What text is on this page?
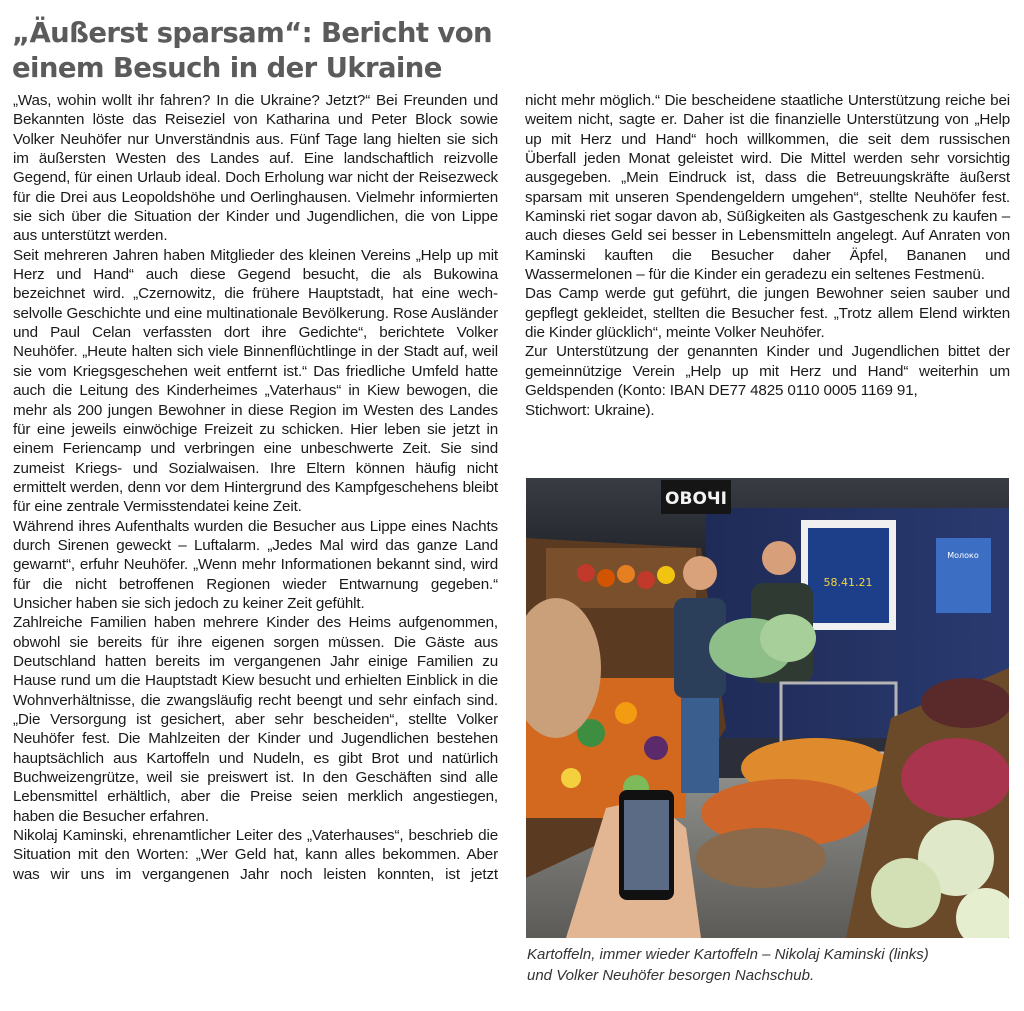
„Äußerst sparsam“: Bericht von
einem Besuch in der Ukraine

„Was, wohin wollt ihr fahren? In die Ukraine? Jetzt?“ Bei Freunden und Bekannten löste das Reiseziel von Katharina und Peter Block sowie Volker Neuhöfer nur Unverständnis aus. Fünf Tage lang hielten sie sich im äußersten Westen des Landes auf. Eine landschaftlich reizvolle Gegend, für einen Urlaub ideal. Doch Erholung war nicht der Reisezweck für die Drei aus Leopoldshöhe und Oerlinghausen. Vielmehr informierten sie sich über die Situation der Kinder und Jugendlichen, die von Lippe aus unterstützt werden.

Seit mehreren Jahren haben Mitglieder des kleinen Vereins „Help up mit Herz und Hand“ auch diese Gegend besucht, die als Bukowina bezeichnet wird. „Czernowitz, die frühere Hauptstadt, hat eine wechselvolle Geschichte und eine multinationale Bevölkerung. Rose Ausländer und Paul Celan verfassten dort ihre Gedichte“, berichtete Volker Neuhöfer. „Heute halten sich viele Binnenflüchtlinge in der Stadt auf, weil sie vom Kriegsgeschehen weit entfernt ist.“ Das friedliche Umfeld hatte auch die Leitung des Kinderheimes „Vaterhaus“ in Kiew bewogen, die mehr als 200 jungen Bewohner in diese Region im Westen des Landes für eine jeweils einwöchige Freizeit zu schicken. Hier leben sie jetzt in einem Feriencamp und verbringen eine unbeschwerte Zeit. Sie sind zumeist Kriegs- und Sozialwaisen. Ihre Eltern können häufig nicht ermittelt werden, denn vor dem Hintergrund des Kampfgeschehens bleibt für eine zentrale Vermisstendatei keine Zeit.

Während ihres Aufenthalts wurden die Besucher aus Lippe eines Nachts durch Sirenen geweckt – Luftalarm. „Jedes Mal wird das ganze Land gewarnt“, erfuhr Neuhöfer. „Wenn mehr Informationen bekannt sind, wird für die nicht betroffenen Regionen wieder Entwarnung gegeben.“ Unsicher haben sie sich jedoch zu keiner Zeit gefühlt.

Zahlreiche Familien haben mehrere Kinder des Heims aufgenommen, obwohl sie bereits für ihre eigenen sorgen müssen. Die Gäste aus Deutschland hatten bereits im vergangenen Jahr einige Familien zu Hause rund um die Hauptstadt Kiew besucht und erhielten Einblick in die Wohnverhältnisse, die zwangsläufig recht beengt und sehr einfach sind. „Die Versorgung ist gesichert, aber sehr bescheiden“, stellte Volker Neuhöfer fest. Die Mahlzeiten der Kinder und Jugendlichen bestehen hauptsächlich aus Kartoffeln und Nudeln, es gibt Brot und natürlich Buchweizengrütze, weil sie preiswert ist. In den Geschäften sind alle Lebensmittel erhältlich, aber die Preise seien merklich angestiegen, haben die Besucher erfahren.

Nikolaj Kaminski, ehrenamtlicher Leiter des „Vaterhauses“, beschrieb die Situation mit den Worten: „Wer Geld hat, kann alles bekommen. Aber was wir uns im vergangenen Jahr noch leisten konnten, ist jetzt

nicht mehr möglich.“ Die bescheidene staatliche Unterstützung reiche bei weitem nicht, sagte er. Daher ist die finanzielle Unterstützung von „Help up mit Herz und Hand“ hoch willkommen, die seit dem russischen Überfall jeden Monat geleistet wird. Die Mittel werden sehr vorsichtig ausgegeben. „Mein Eindruck ist, dass die Betreuungskräfte äußerst sparsam mit unseren Spendengeldern umgehen“, stellte Neuhöfer fest. Kaminski riet sogar davon ab, Süßigkeiten als Gastgeschenk zu kaufen – auch dieses Geld sei besser in Lebensmitteln angelegt. Auf Anraten von Kaminski kauften die Besucher daher Äpfel, Bananen und Wassermelonen – für die Kinder ein geradezu ein seltenes Festmenü.

Das Camp werde gut geführt, die jungen Bewohner seien sauber und gepflegt gekleidet, stellten die Besucher fest. „Trotz allem Elend wirkten die Kinder glücklich“, meinte Volker Neuhöfer.

Zur Unterstützung der genannten Kinder und Jugendlichen bittet der gemeinnützige Verein „Help up mit Herz und Hand“ weiterhin um Geldspenden (Konto: IBAN DE77 4825 0110 0005 1169 91,

Stichwort: Ukraine).

ОВОЧІ
58.41.21
Молоко

Kartoffeln, immer wieder Kartoffeln – Nikolaj Kaminski (links)
und Volker Neuhöfer besorgen Nachschub.
